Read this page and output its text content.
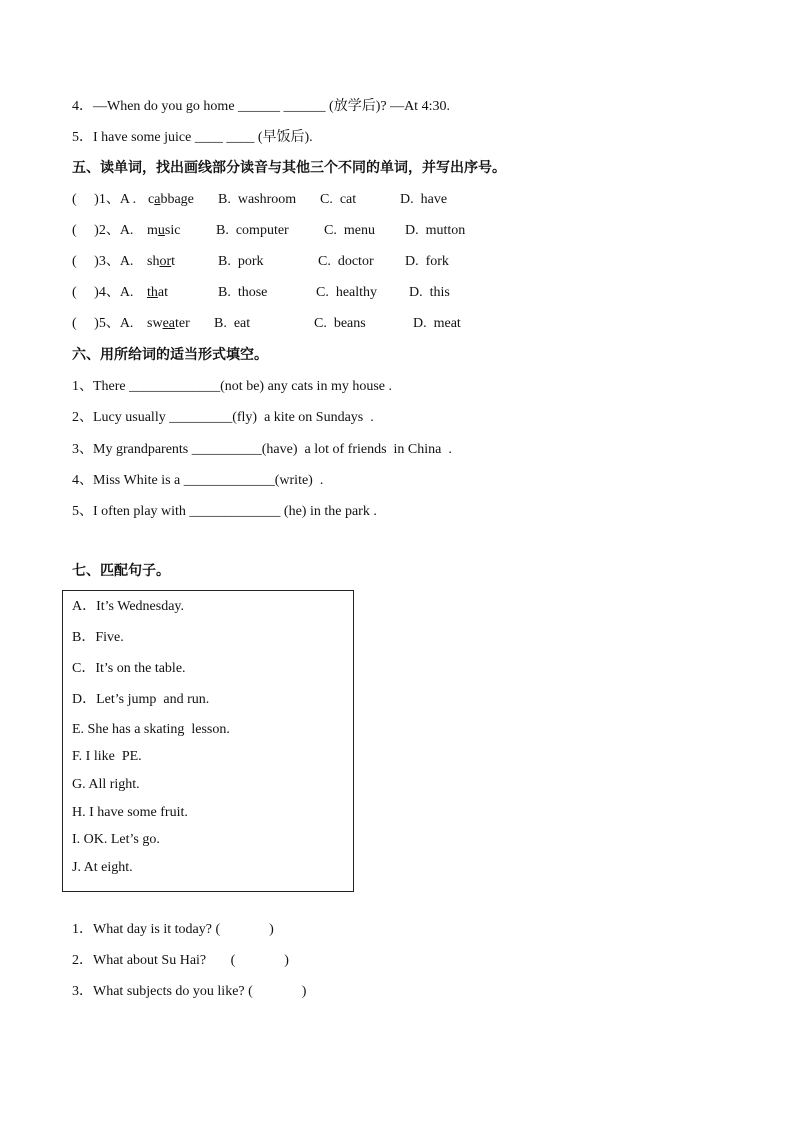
4．—When do you go home ______ ______ (放学后)? —At 4:30.
5．I have some juice ____ ____ (早饭后).
五、读单词，找出画线部分读音与其他三个不同的单词，并写出序号。
(     )1、A . cabbage B.  washroom C.  cat	D.  have
(     )2、A. music	B.  computer	C.  menu D.  mutton
(     )3、A. short	B.  pork	C.  doctor D.  fork
(     )4、A. that	B.  those	C.  healthy D.  this
(     )5、A. sweater B.  eat	C.  beans	D.  meat
六、用所给词的适当形式填空。
1、There _____________(not be) any cats in my house .
2、Lucy usually _________(fly)  a kite on Sundays  .
3、My grandparents __________(have)  a lot of friends  in China  .
4、Miss White is a _____________(write)  .
5、I often play with _____________ (he) in the park .
七、匹配句子。
A．It’s Wednesday.
B．Five.
C．It’s on the table.
D．Let’s jump  and run.
E. She has a skating  lesson.
F. I like  PE.
G. All right.
H. I have some fruit.
I. OK. Let’s go.
J. At eight.
1．What day is it today? (              )
2．What about Su Hai?       (              )
3．What subjects do you like? (              )
